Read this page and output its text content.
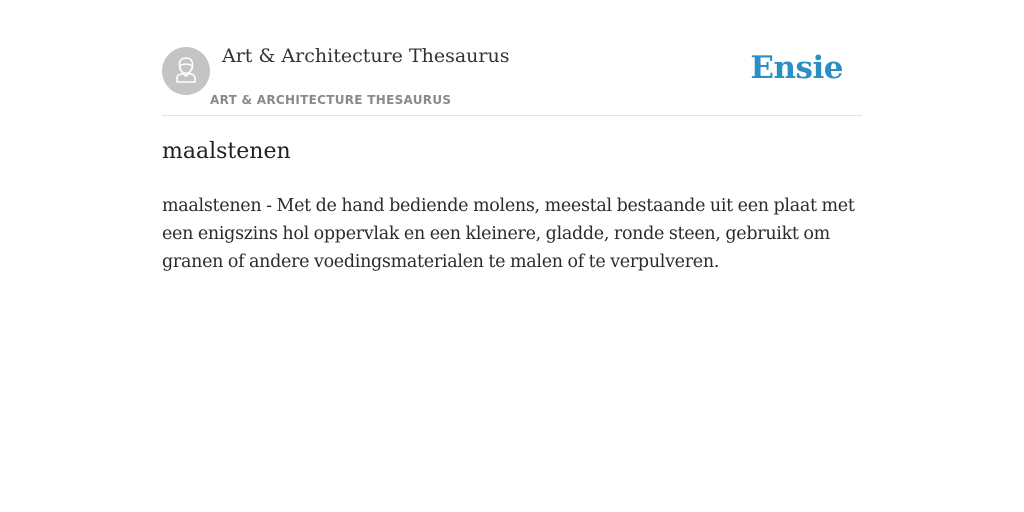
Art & Architecture Thesaurus
ART & ARCHITECTURE THESAURUS
Ensie
maalstenen

maalstenen - Met de hand bediende molens, meestal bestaande uit een plaat met een enigszins hol oppervlak en een kleinere, gladde, ronde steen, gebruikt om granen of andere voedingsmaterialen te malen of te verpulveren.
